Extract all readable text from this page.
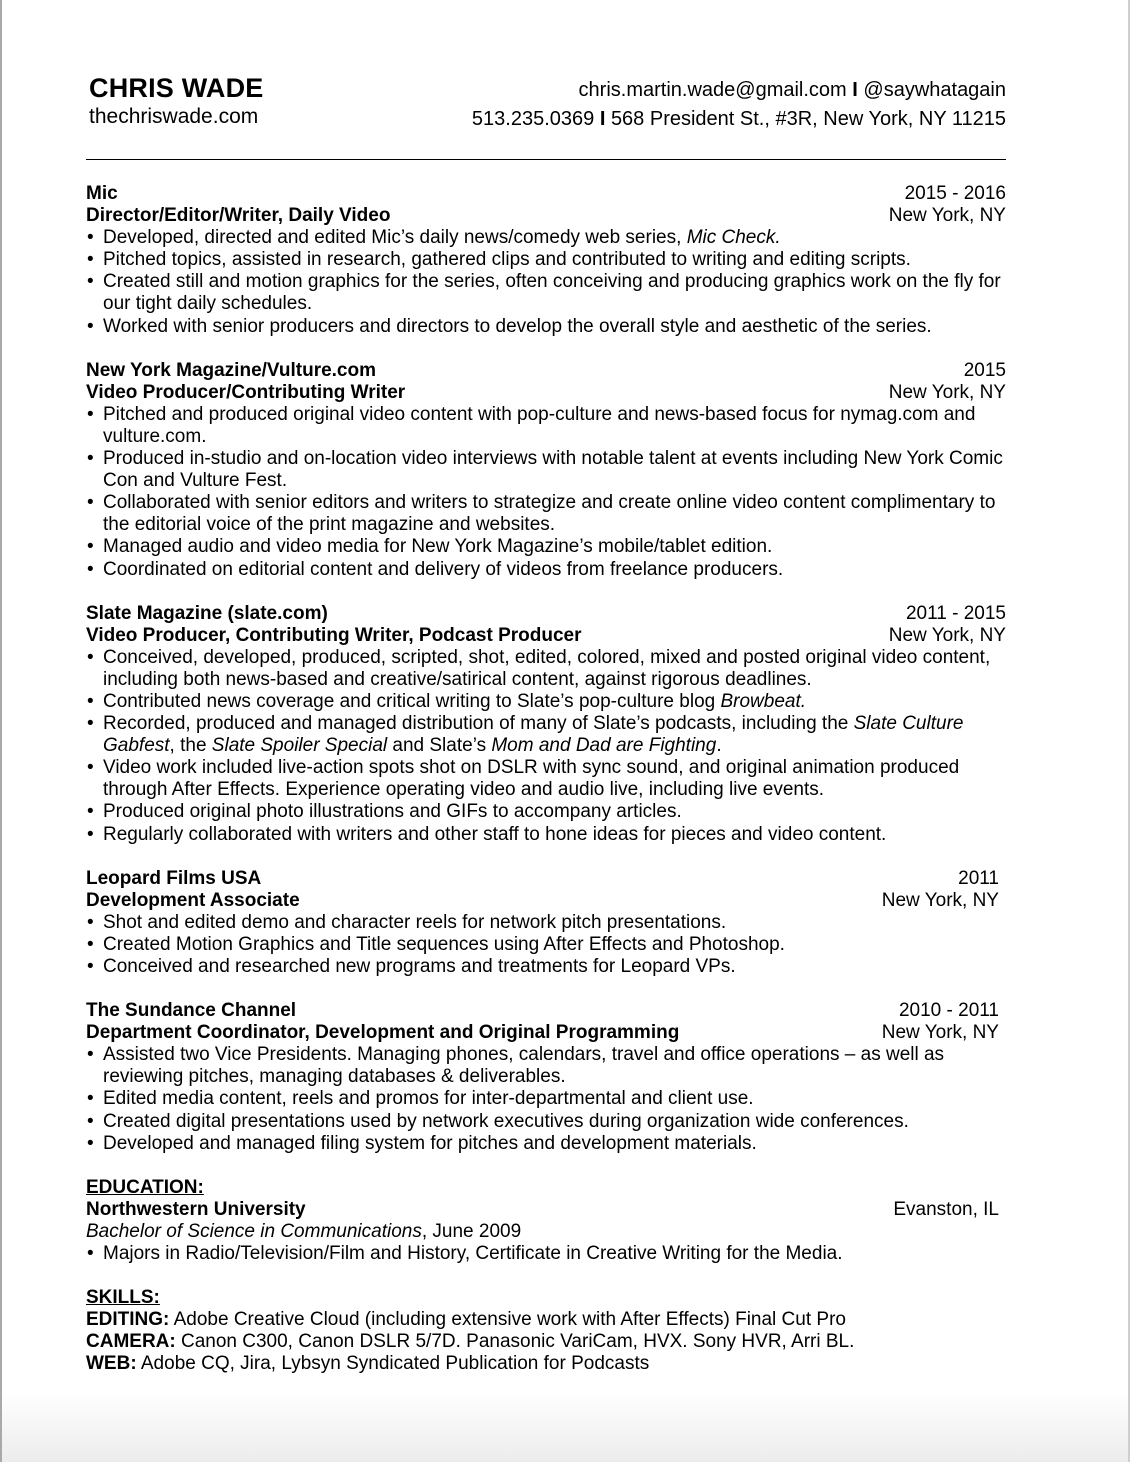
CHRIS WADE
thechriswade.com
chris.martin.wade@gmail.com I @saywhatagain
513.235.0369 I 568 President St., #3R, New York, NY 11215
Mic	2015 - 2016
Director/Editor/Writer, Daily Video	New York, NY
• Developed, directed and edited Mic’s daily news/comedy web series, Mic Check.
• Pitched topics, assisted in research, gathered clips and contributed to writing and editing scripts.
• Created still and motion graphics for the series, often conceiving and producing graphics work on the fly for our tight daily schedules.
• Worked with senior producers and directors to develop the overall style and aesthetic of the series.
New York Magazine/Vulture.com	2015
Video Producer/Contributing Writer	New York, NY
• Pitched and produced original video content with pop-culture and news-based focus for nymag.com and vulture.com.
• Produced in-studio and on-location video interviews with notable talent at events including New York Comic Con and Vulture Fest.
• Collaborated with senior editors and writers to strategize and create online video content complimentary to the editorial voice of the print magazine and websites.
• Managed audio and video media for New York Magazine’s mobile/tablet edition.
• Coordinated on editorial content and delivery of videos from freelance producers.
Slate Magazine (slate.com)	2011 - 2015
Video Producer, Contributing Writer, Podcast Producer	New York, NY
• Conceived, developed, produced, scripted, shot, edited, colored, mixed and posted original video content, including both news-based and creative/satirical content, against rigorous deadlines.
• Contributed news coverage and critical writing to Slate’s pop-culture blog Browbeat.
• Recorded, produced and managed distribution of many of Slate’s podcasts, including the Slate Culture Gabfest, the Slate Spoiler Special and Slate’s Mom and Dad are Fighting.
• Video work included live-action spots shot on DSLR with sync sound, and original animation produced through After Effects. Experience operating video and audio live, including live events.
• Produced original photo illustrations and GIFs to accompany articles.
• Regularly collaborated with writers and other staff to hone ideas for pieces and video content.
Leopard Films USA	2011
Development Associate	New York, NY
• Shot and edited demo and character reels for network pitch presentations.
• Created Motion Graphics and Title sequences using After Effects and Photoshop.
• Conceived and researched new programs and treatments for Leopard VPs.
The Sundance Channel	2010 - 2011
Department Coordinator, Development and Original Programming	New York, NY
• Assisted two Vice Presidents. Managing phones, calendars, travel and office operations – as well as reviewing pitches, managing databases & deliverables.
• Edited media content, reels and promos for inter-departmental and client use.
• Created digital presentations used by network executives during organization wide conferences.
• Developed and managed filing system for pitches and development materials.
EDUCATION:
Northwestern University	Evanston, IL
Bachelor of Science in Communications, June 2009
• Majors in Radio/Television/Film and History, Certificate in Creative Writing for the Media.
SKILLS:
EDITING: Adobe Creative Cloud (including extensive work with After Effects) Final Cut Pro
CAMERA: Canon C300, Canon DSLR 5/7D. Panasonic VariCam, HVX. Sony HVR, Arri BL.
WEB: Adobe CQ, Jira, Lybsyn Syndicated Publication for Podcasts
